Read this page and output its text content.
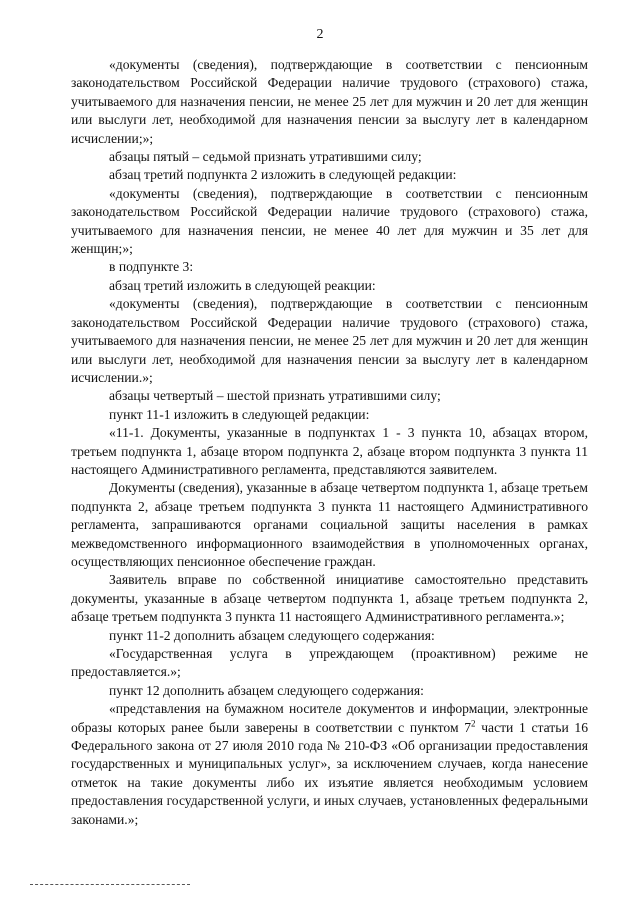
2

«документы (сведения), подтверждающие в соответствии с пенсионным законодательством Российской Федерации наличие трудового (страхового) стажа, учитываемого для назначения пенсии, не менее 25 лет для мужчин и 20 лет для женщин или выслуги лет, необходимой для назначения пенсии за выслугу лет в календарном исчислении;»;

абзацы пятый – седьмой признать утратившими силу;

абзац третий подпункта 2 изложить в следующей редакции:

«документы (сведения), подтверждающие в соответствии с пенсионным законодательством Российской Федерации наличие трудового (страхового) стажа, учитываемого для назначения пенсии, не менее 40 лет для мужчин и 35 лет для женщин;»;

в подпункте 3:

абзац третий изложить в следующей реакции:

«документы (сведения), подтверждающие в соответствии с пенсионным законодательством Российской Федерации наличие трудового (страхового) стажа, учитываемого для назначения пенсии, не менее 25 лет для мужчин и 20 лет для женщин или выслуги лет, необходимой для назначения пенсии за выслугу лет в календарном исчислении.»;

абзацы четвертый – шестой признать утратившими силу;

пункт 11-1 изложить в следующей редакции:

«11-1. Документы, указанные в подпунктах 1 - 3 пункта 10, абзацах втором, третьем подпункта 1, абзаце втором подпункта 2, абзаце втором подпункта 3 пункта 11 настоящего Административного регламента, представляются заявителем.

Документы (сведения), указанные в абзаце четвертом подпункта 1, абзаце третьем подпункта 2, абзаце третьем подпункта 3 пункта 11 настоящего Административного регламента, запрашиваются органами социальной защиты населения в рамках межведомственного информационного взаимодействия в уполномоченных органах, осуществляющих пенсионное обеспечение граждан.

Заявитель вправе по собственной инициативе самостоятельно представить документы, указанные в абзаце четвертом подпункта 1, абзаце третьем подпункта 2, абзаце третьем подпункта 3 пункта 11 настоящего Административного регламента.»;

пункт 11-2 дополнить абзацем следующего содержания:

«Государственная услуга в упреждающем (проактивном) режиме не предоставляется.»;

пункт 12 дополнить абзацем следующего содержания:

«представления на бумажном носителе документов и информации, электронные образы которых ранее были заверены в соответствии с пунктом $7^2$ части 1 статьи 16 Федерального закона от 27 июля 2010 года № 210-ФЗ «Об организации предоставления государственных и муниципальных услуг», за исключением случаев, когда нанесение отметок на такие документы либо их изъятие является необходимым условием предоставления государственной услуги, и иных случаев, установленных федеральными законами.»;
